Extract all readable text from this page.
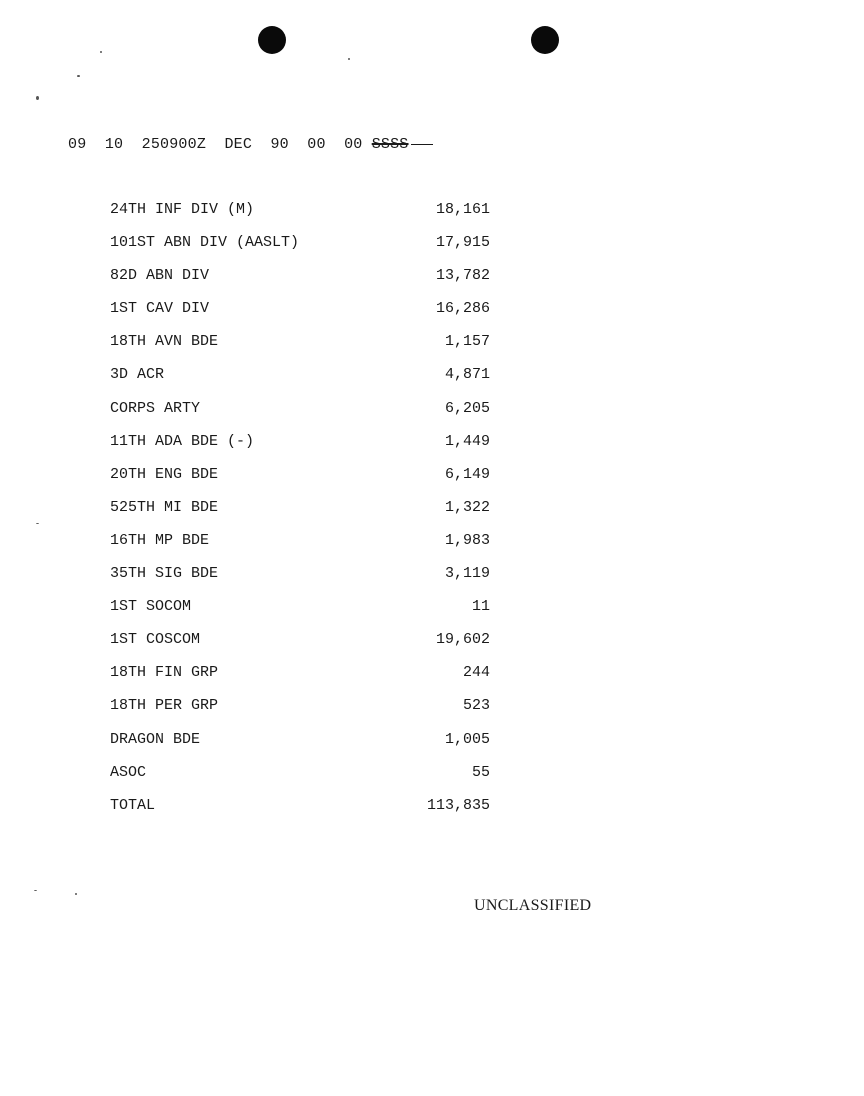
09 10 250900Z DEC 90 00 00 SSSS
24TH INF DIV (M)	18,161
101ST ABN DIV (AASLT)	17,915
82D ABN DIV	13,782
1ST CAV DIV	16,286
18TH AVN BDE	1,157
3D ACR	4,871
CORPS ARTY	6,205
11TH ADA BDE (-)	1,449
20TH ENG BDE	6,149
525TH MI BDE	1,322
16TH MP BDE	1,983
35TH SIG BDE	3,119
1ST SOCOM	11
1ST COSCOM	19,602
18TH FIN GRP	244
18TH PER GRP	523
DRAGON BDE	1,005
ASOC	55
TOTAL	113,835
UNCLASSIFIED
